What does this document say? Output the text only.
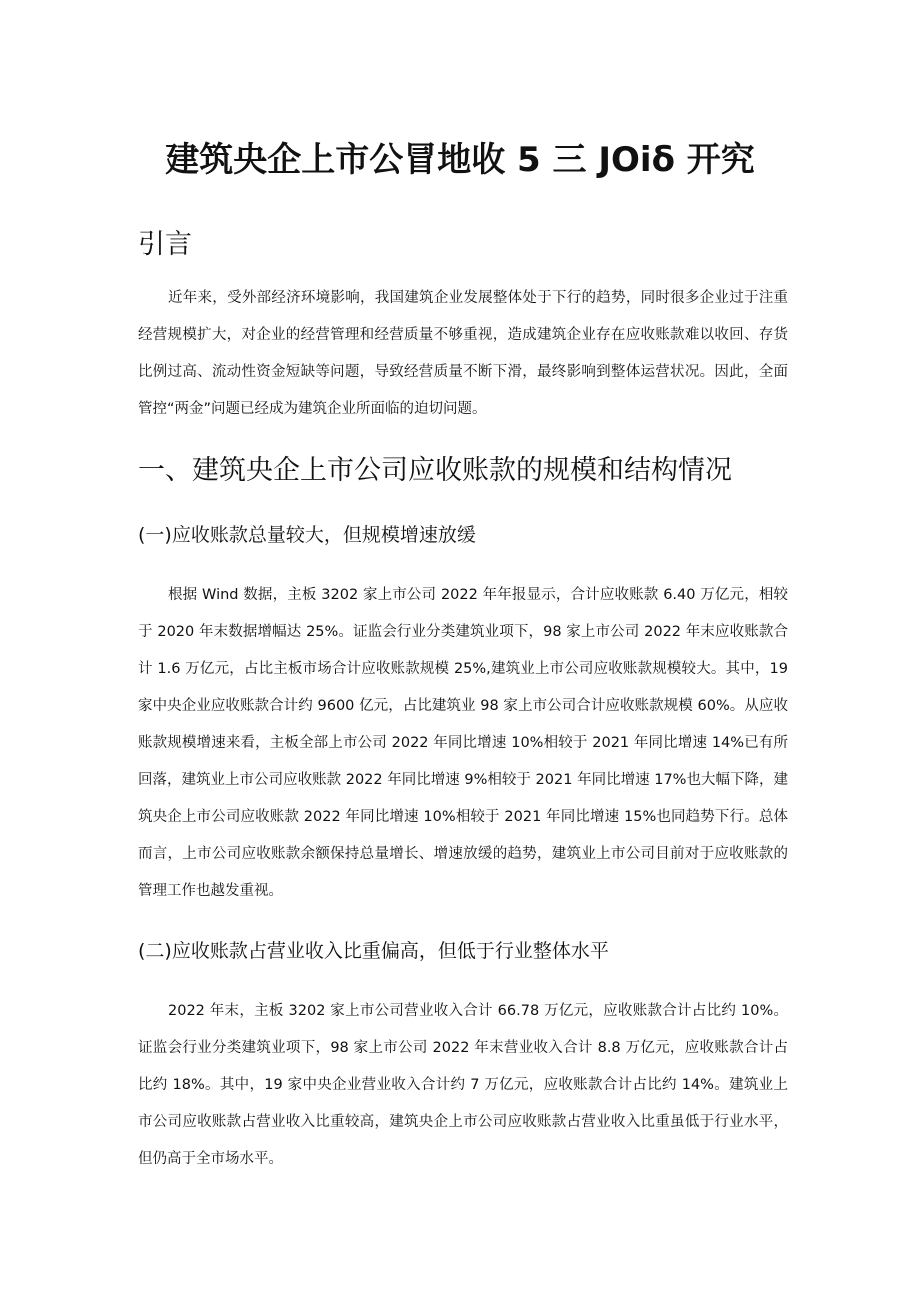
建筑央企上市公冒地收 5 三 JOiδ 开究
引言
近年来，受外部经济环境影响，我国建筑企业发展整体处于下行的趋势，同时很多企业过于注重经营规模扩大，对企业的经营管理和经营质量不够重视，造成建筑企业存在应收账款难以收回、存货比例过高、流动性资金短缺等问题，导致经营质量不断下滑，最终影响到整体运营状况。因此，全面管控“两金”问题已经成为建筑企业所面临的迫切问题。
一、建筑央企上市公司应收账款的规模和结构情况
(一)应收账款总量较大，但规模增速放缓
根据 Wind 数据，主板 3202 家上市公司 2022 年年报显示，合计应收账款 6.40 万亿元，相较于 2020 年末数据增幅达 25%。证监会行业分类建筑业项下，98 家上市公司 2022 年末应收账款合计 1.6 万亿元，占比主板市场合计应收账款规模 25%,建筑业上市公司应收账款规模较大。其中，19 家中央企业应收账款合计约 9600 亿元，占比建筑业 98 家上市公司合计应收账款规模 60%。从应收账款规模增速来看，主板全部上市公司 2022 年同比增速 10%相较于 2021 年同比增速 14%已有所回落，建筑业上市公司应收账款 2022 年同比增速 9%相较于 2021 年同比增速 17%也大幅下降，建筑央企上市公司应收账款 2022 年同比增速 10%相较于 2021 年同比增速 15%也同趋势下行。总体而言，上市公司应收账款余额保持总量增长、增速放缓的趋势，建筑业上市公司目前对于应收账款的管理工作也越发重视。
(二)应收账款占营业收入比重偏高，但低于行业整体水平
2022 年末，主板 3202 家上市公司营业收入合计 66.78 万亿元，应收账款合计占比约 10%。证监会行业分类建筑业项下，98 家上市公司 2022 年末营业收入合计 8.8 万亿元，应收账款合计占比约 18%。其中，19 家中央企业营业收入合计约 7 万亿元，应收账款合计占比约 14%。建筑业上市公司应收账款占营业收入比重较高，建筑央企上市公司应收账款占营业收入比重虽低于行业水平，但仍高于全市场水平。
